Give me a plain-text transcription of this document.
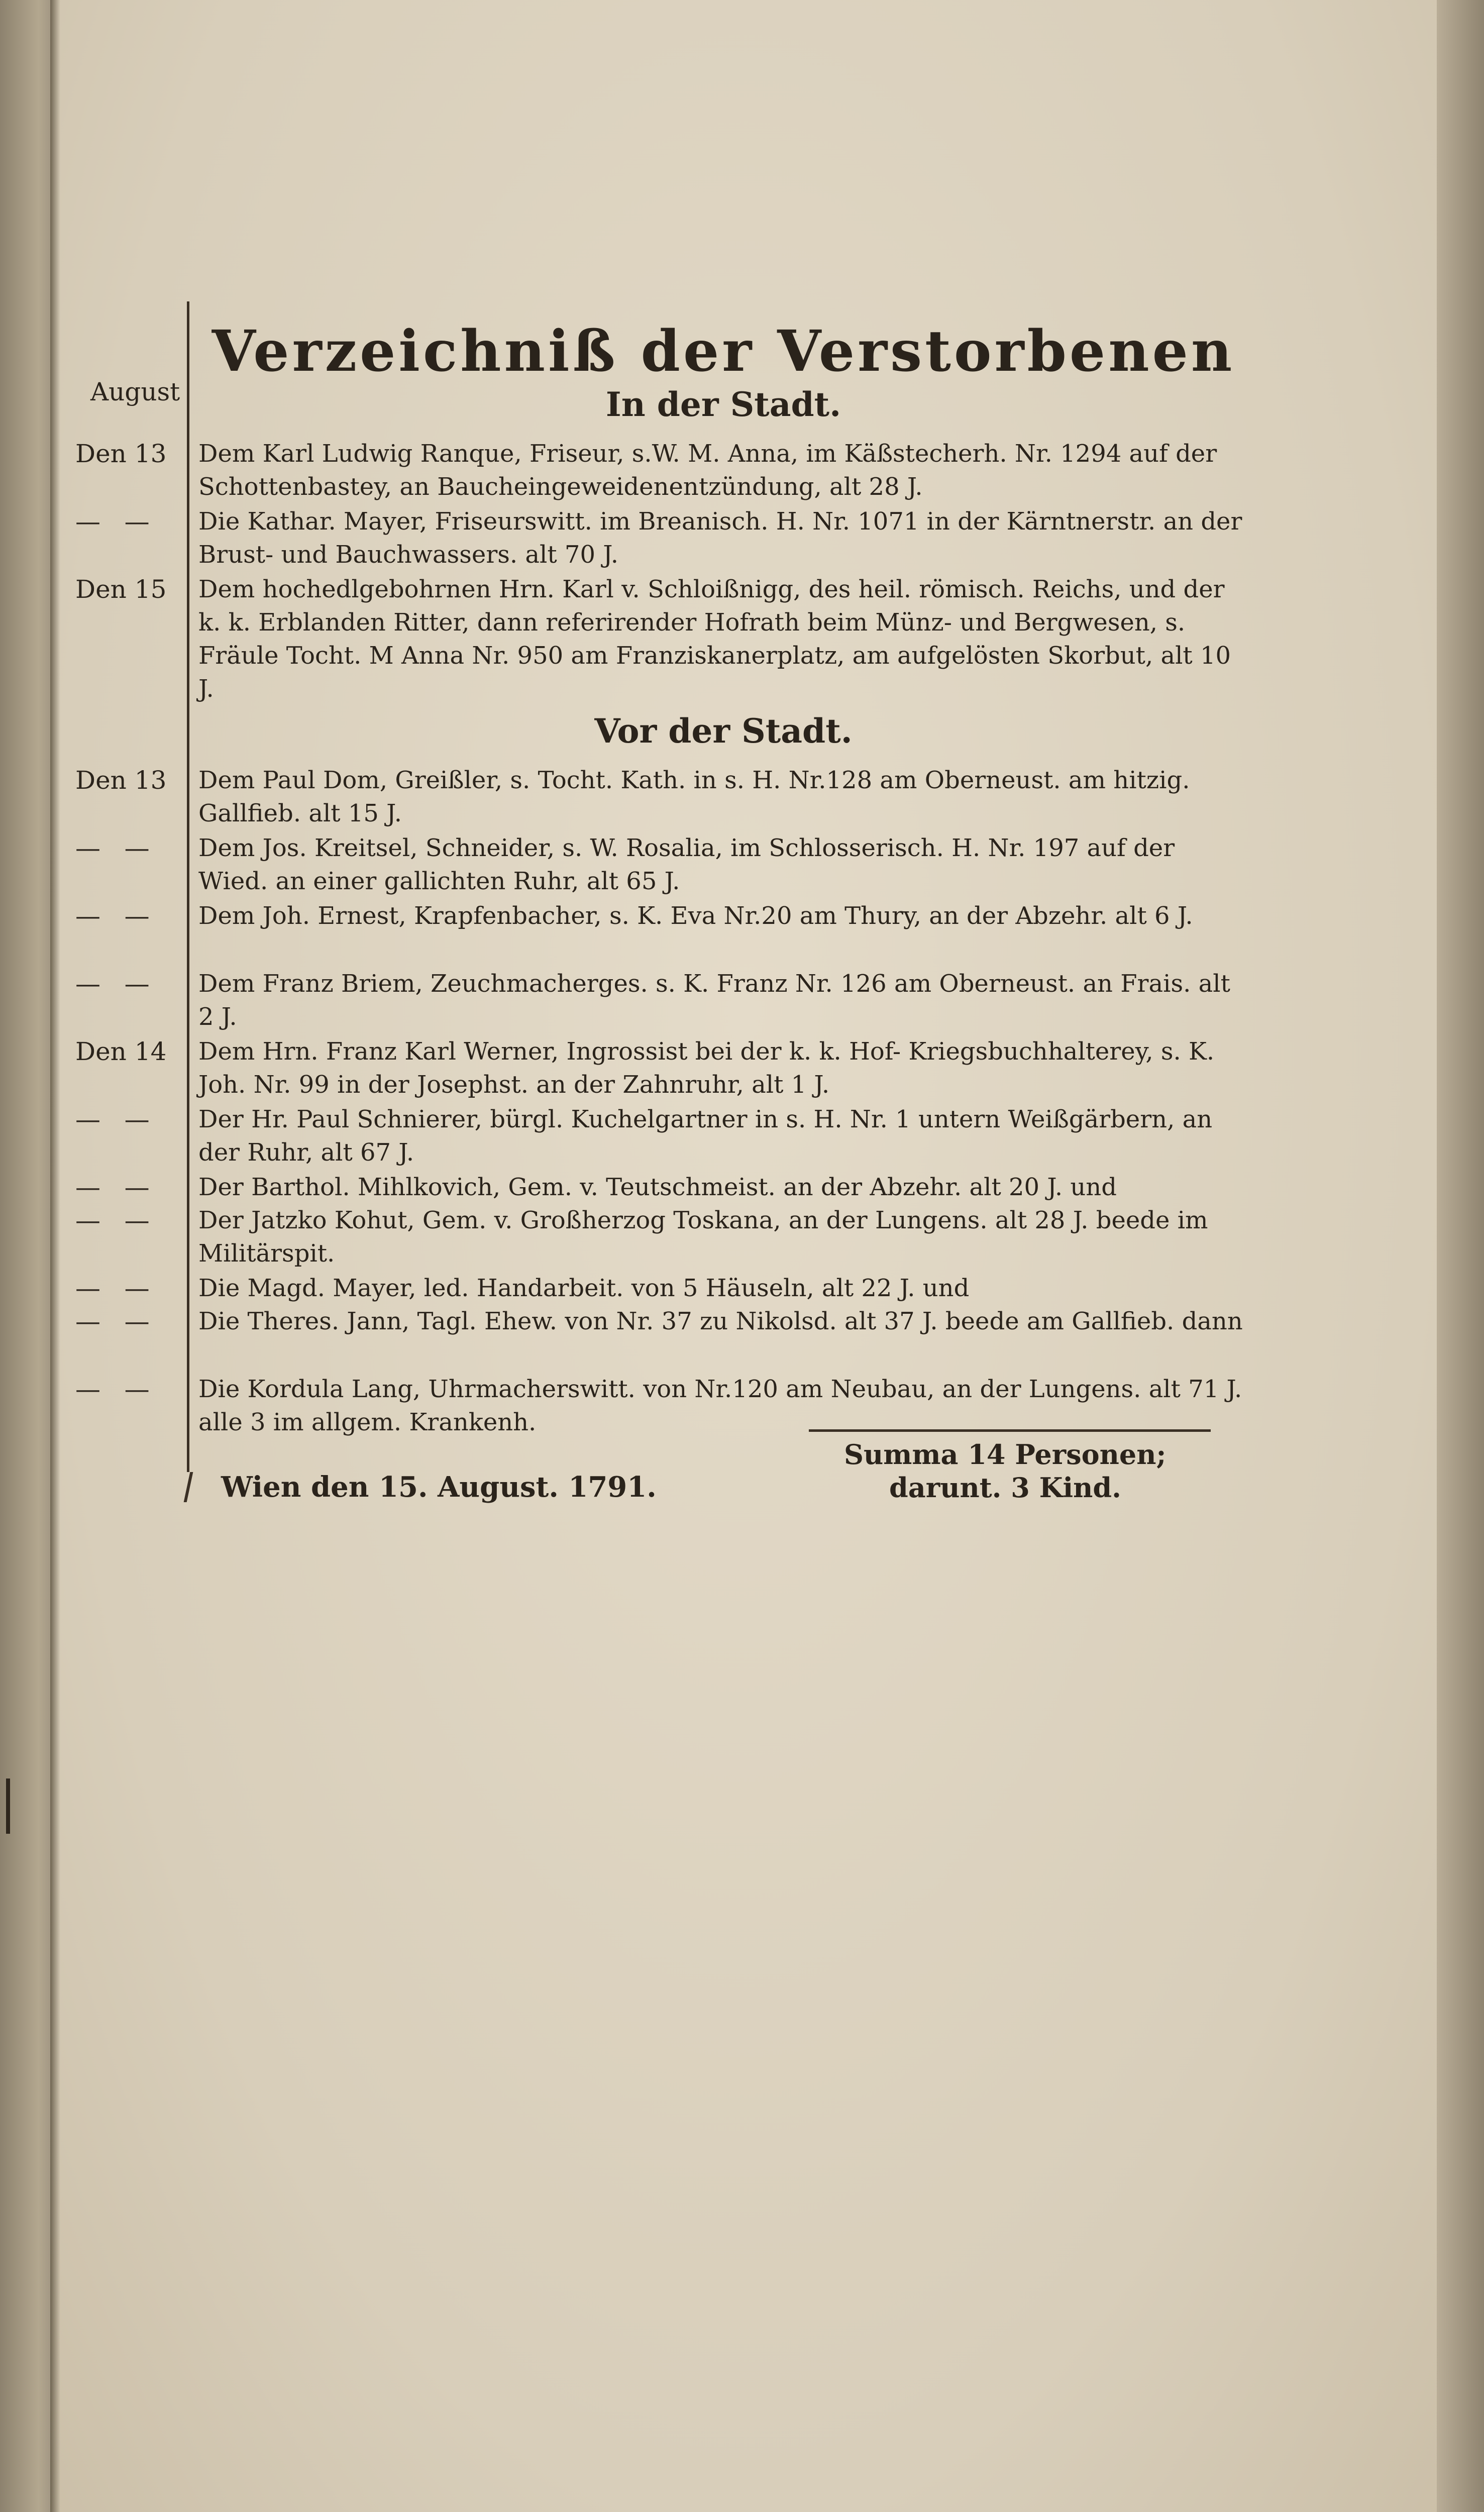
Verzeichniß der Verstorbenen
August	In der Stadt.
Den 13	Dem Karl Ludwig Ranque, Friseur, s.W. M. Anna, im Käßstecherh. Nr. 1294 auf der Schottenbastey, an Baucheingeweidenentzündung, alt 28 J.
—   —	Die Kathar. Mayer, Friseurswitt. im Breanisch. H. Nr. 1071 in der Kärntnerstr. an der Brust- und Bauchwassers. alt 70 J.
Den 15	Dem hochedlgebohrnen Hrn. Karl v. Schloißnigg, des heil. römisch. Reichs, und der k. k. Erblanden Ritter, dann referirender Hofrath beim Münz- und Bergwesen, s. Fräule Tocht. M Anna Nr. 950 am Franziskanerplatz, am aufgelösten Skorbut, alt 10 J.
Vor der Stadt.
Den 13	Dem Paul Dom, Greißler, s. Tocht. Kath. in s. H. Nr.128 am Oberneust. am hitzig. Gallfieb. alt 15 J.
—   —	Dem Jos. Kreitsel, Schneider, s. W. Rosalia, im Schlosserisch. H. Nr. 197 auf der Wied. an einer gallichten Ruhr, alt 65 J.
—   —	Dem Joh. Ernest, Krapfenbacher, s. K. Eva Nr.20 am Thury, an der Abzehr. alt 6 J.
—   —	Dem Franz Briem, Zeuchmacherges. s. K. Franz Nr. 126 am Oberneust. an Frais. alt 2 J.
Den 14	Dem Hrn. Franz Karl Werner, Ingrossist bei der k. k. Hof- Kriegsbuchhalterey, s. K. Joh. Nr. 99 in der Josephst. an der Zahnruhr, alt 1 J.
—   —	Der Hr. Paul Schnierer, bürgl. Kuchelgartner in s. H. Nr. 1 untern Weißgärbern, an der Ruhr, alt 67 J.
—   —	Der Barthol. Mihlkovich, Gem. v. Teutschmeist. an der Abzehr. alt 20 J. und
—   —	Der Jatzko Kohut, Gem. v. Großherzog Toskana, an der Lungens. alt 28 J. beede im Militärspit.
—   —	Die Magd. Mayer, led. Handarbeit. von 5 Häuseln, alt 22 J. und
—   —	Die Theres. Jann, Tagl. Ehew. von Nr. 37 zu Nikolsd. alt 37 J. beede am Gallfieb. dann
—   —	Die Kordula Lang, Uhrmacherswitt. von Nr.120 am Neubau, an der Lungens. alt 71 J. alle 3 im allgem. Krankenh.
Summa 14 Personen;
darunt. 3 Kind.
Wien den 15. August. 1791.
